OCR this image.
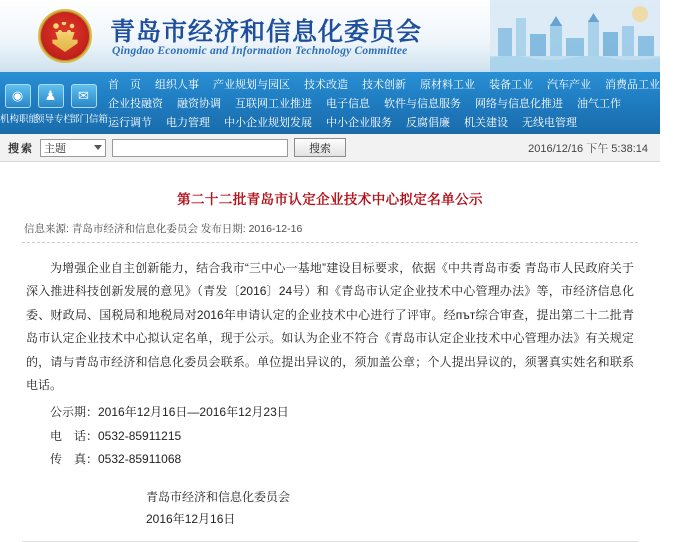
青岛市经济和信息化委员会
Qingdao Economic and Information Technology Committee
◉	♟	✉
机构职能
领导专栏
部门信箱
首　页	组织人事	产业规划与园区	技术改造	技术创新	原材料工业	装备工业	汽车产业	消费品工业
企业投融资	融资协调	互联网工业推进	电子信息	软件与信息服务	网络与信息化推进	油气工作
运行调节	电力管理	中小企业规划发展	中小企业服务	反腐倡廉	机关建设	无线电管理
搜索 主题	搜索	2016/12/16 下午 5:38:14
第二十二批青岛市认定企业技术中心拟定名单公示
信息来源: 青岛市经济和信息化委员会 发布日期: 2016-12-16

为增强企业自主创新能力，结合我市“三中心一基地”建设目标要求，依据《中共青岛市委 青岛市人民政府关于深入推进科技创新发展的意见》（青发〔2016〕24号）和《青岛市认定企业技术中心管理办法》等，市经济信息化委、财政局、国税局和地税局对2016年申请认定的企业技术中心进行了评审。经път综合审查，提出第二十二批青岛市认定企业技术中心拟认定名单，现于公示。如认为企业不符合《青岛市认定企业技术中心管理办法》有关规定的，请与青岛市经济和信息化委员会联系。单位提出异议的，须加盖公章；个人提出异议的，须署真实姓名和联系电话。

公示期：2016年12月16日—2016年12月23日
电　话：0532-85911215
传　真：0532-85911068
青岛市经济和信息化委员会
2016年12月16日
